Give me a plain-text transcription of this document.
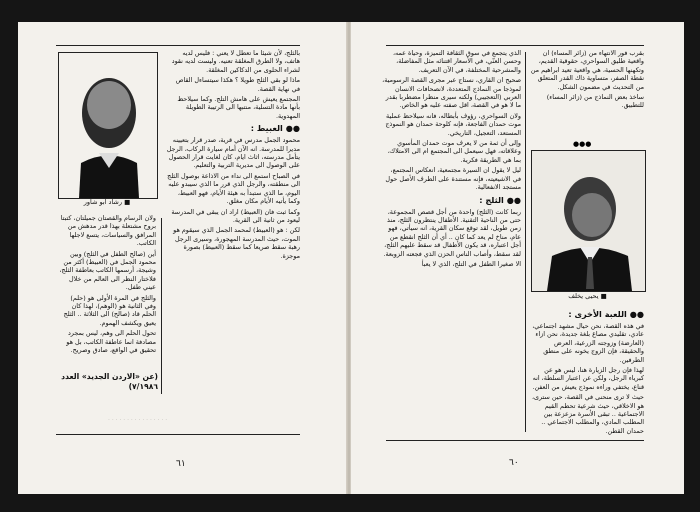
■ رشاد ابو شاور

بالثلج، لأن شيئا ما تعطل لا يعني : فليس لديه هاتف، ولا الطرق المغلقة تعنيه. وليست لديه نقود لشراء الحلوى من الدكاكين المغلقة.

ماذا لو بقي الثلج طويلا ؟ هكذا سيتساءل القاص في نهاية القصة.

المجتمع يعيش على هامش التلج. وكما سيلاحظ بأنها مادة التسلية، منتبها الى الرتيبة الطويلة المهدوية.

●● العبيط :

محمود الجمل مدرس في قرية، صدر قرار بتعيينه مديرا للمدرسة. انه الآن أمام سيارة الركاب، الرجل يتأمل مدرسته، اثاث ايام، كان لغايت قرار الحصول على الوصول الى مديرية التربية والتعليم.

في الصباح استمع الى نداء من الاذاعة بوصول الثلج الى منطقته، والرجل الذي قرر ما الذي سيبدو عليه اليوم، ما الذي ستبدأ به هيئة الأيام، فهو العبيط، وكما يأتيه الأيام مكان مغلق.

وكما ثبت فان (العبيط) اراد ان يبقى في المدرسة ليعود من ثانية الى القرية.

لكن : هو (العبيط) لمحمد الجمل الذي سيقوم هو الموت، حيث المدرسة المهجورة، وسيرى الرجل رهبة سقط صريعا كما سقط (العبيط) بصورة موجزة.

ولان الرسام والقصتان جميلتان، كتبتا بروح مشتعلة بهذا قدر مدهش من المرافق والسياسات، يتسع لاجلها الكاتب.

أين (صالح الطفل في الثلج) وبين محمود الجمل في (العبيط) أكثر من وشيجة، أرسمها الكاتب بعاطفة الثلج، فلاختار النظر الى العالم من خلال عيني طفل.

والثلج في المرة الأولى هو (حلم) وفي الثانية هو (الوهم)، لهذا كان الحلم قاد (صالح) الى الثلاثة .. الثلج يعيق ويكشف الهموم.

تحول الحلم الى وهم، ليس بمجرد مصادفة انما عاطفة الكاتب، بل هو تحقيق في الواقع، صادق وصريح.

(عن «الاردن الجديد» العدد ٧/١٩٨٦)
· · · · · · · · · · · · · · · ·
٦١

بقرب فور الانتهاء من (زائر المساء) ان واقعية طليق السواحري، حقوقية القديم، وتكهنها الحسية، هي واقعية تعيد ابراهيم من نقطة الصفر، متساوية ذاك القدر المتعلق من التحديث في مضمون الشكل.

ساخذ بعض النماذج من (زائر المساء) للتطبيق.

●●●
■ يحيى يخلف

الذي يتجمع في سوق الثقافة التميزة، وحياة عمه، وحسن العنّي، في الأسعار اقتنائه مثل المفاضلة، والمشرحية المختلفة، في الآن التعريف.

صحيح ان القاري، نستاج عبر مجرى القصة الرسومية، لموذجا من النماذج المتعددة، لانصحافات الانسان العربي (التعجيبي) ولكنه سيرى منظرا مضطربا بقدر ما لا هو في القصة، اقل صفته عليه هو الخاص.

ولان السواحري، رؤوف بأبطاله، فانه سيلاحظ عملية موت حمدان الفاجعة، فإنه كلوحة حمدان هو النموذج المستعد، التعجيل، التاريخي.

وإلى أن ثمة من لا يعرف موت حمدان المأسوي وعلاقاته، فهل سيعمل الى المجتمع ام الى الامتلاك، بما هي الطريقة فكرية.

ليل لا يقول ان السيرة مجتمعية، انعكاس المجتمع، في الاشيعيته، فإنه مستندة على الطرف الأصل حول مستجد الانفعالية.

●● الثلج :

ربما كانت (الثلج) واحدة من أجل قصص المجموعة، حتى من الناحية التقنية. الأطفال ينتظرون الثلج، منذ زمن طويل، لقد توقع سكان القرية، انه سيأتي، فهو عام، مناخ لم يعد كما كان .. أي أن الثلج انقطع من أجل اعتباره، قد يكون الأطفال قد سقط عليهم الثلج، لقد سقط، وأصاب الناس الحزن الذي فجعته الزوبعة.

الا صغيرا الطفل في التلج، الذي لا يعبأ

●● اللعبة الأخرى :

في هذه القصة، نحن حيال مشهد اجتماعي، عادي، تقليدي مصاغ بلغة جديدة، نحن ازاء (العارضة) وزوجته الزرعية، العرض والحقيقة، فإن الزوج يخونه على منطق الطرفين.

لهذا فإن رجل الزيارة هنا، ليس هو عن كبرياء الرجل، ولكن عن اعتبار السلطة، انه قناع، يختفي وراءه نموذج يعيش من العفن.

حيث لا ترى منحنى في القصة، حين سترى، هو الاخلاقي، حيث شرعية تحطم القيم الاجتماعية .. تبقى الأسرة مزعزعة بين المطلب المادي، والمطلب الاجتماعي .. حمدان القطن.

٦٠
